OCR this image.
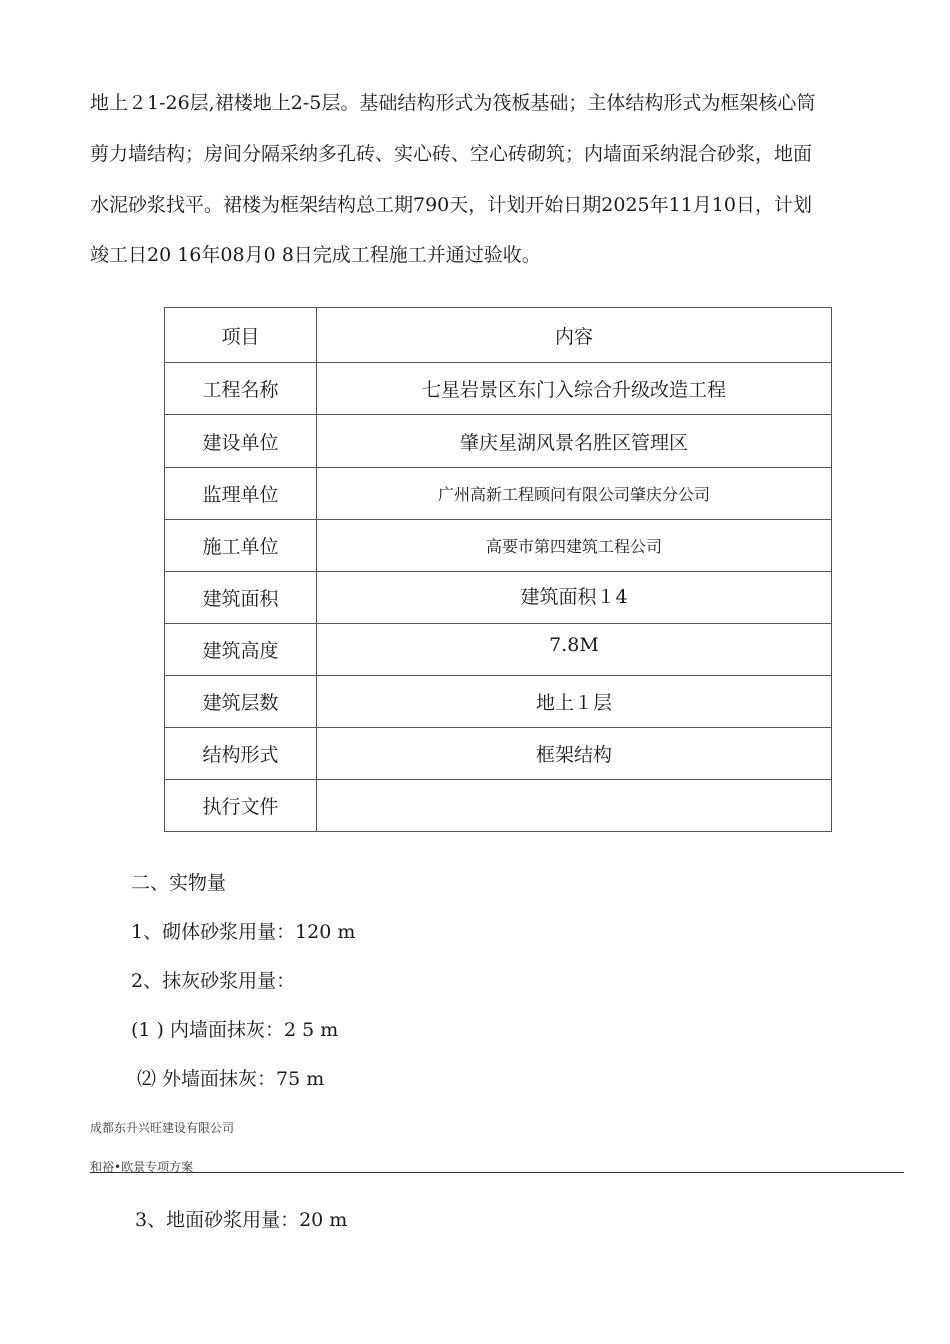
地上２1-26层,裙楼地上2-5层。基础结构形式为筏板基础；主体结构形式为框架核心筒
剪力墙结构；房间分隔采纳多孔砖、实心砖、空心砖砌筑；内墙面采纳混合砂浆，地面
水泥砂浆找平。裙楼为框架结构总工期790天，计划开始日期2025年11月10日，计划
竣工日20 16年08月0 8日完成工程施工并通过验收。
项目	内容
工程名称	七星岩景区东门入综合升级改造工程
建设单位	肇庆星湖风景名胜区管理区
监理单位	广州高新工程顾问有限公司肇庆分公司
施工单位	高要市第四建筑工程公司
建筑面积	建筑面积１4
建筑高度	7.8M
建筑层数	地上１层
结构形式	框架结构
执行文件	
二、实物量
1、砌体砂浆用量：120 m
2、抹灰砂浆用量：
(1 ) 内墙面抹灰：2 5 m
⑵ 外墙面抹灰：75 m
成都东升兴旺建设有限公司
和裕•欧景专项方案
3、地面砂浆用量：20 m
